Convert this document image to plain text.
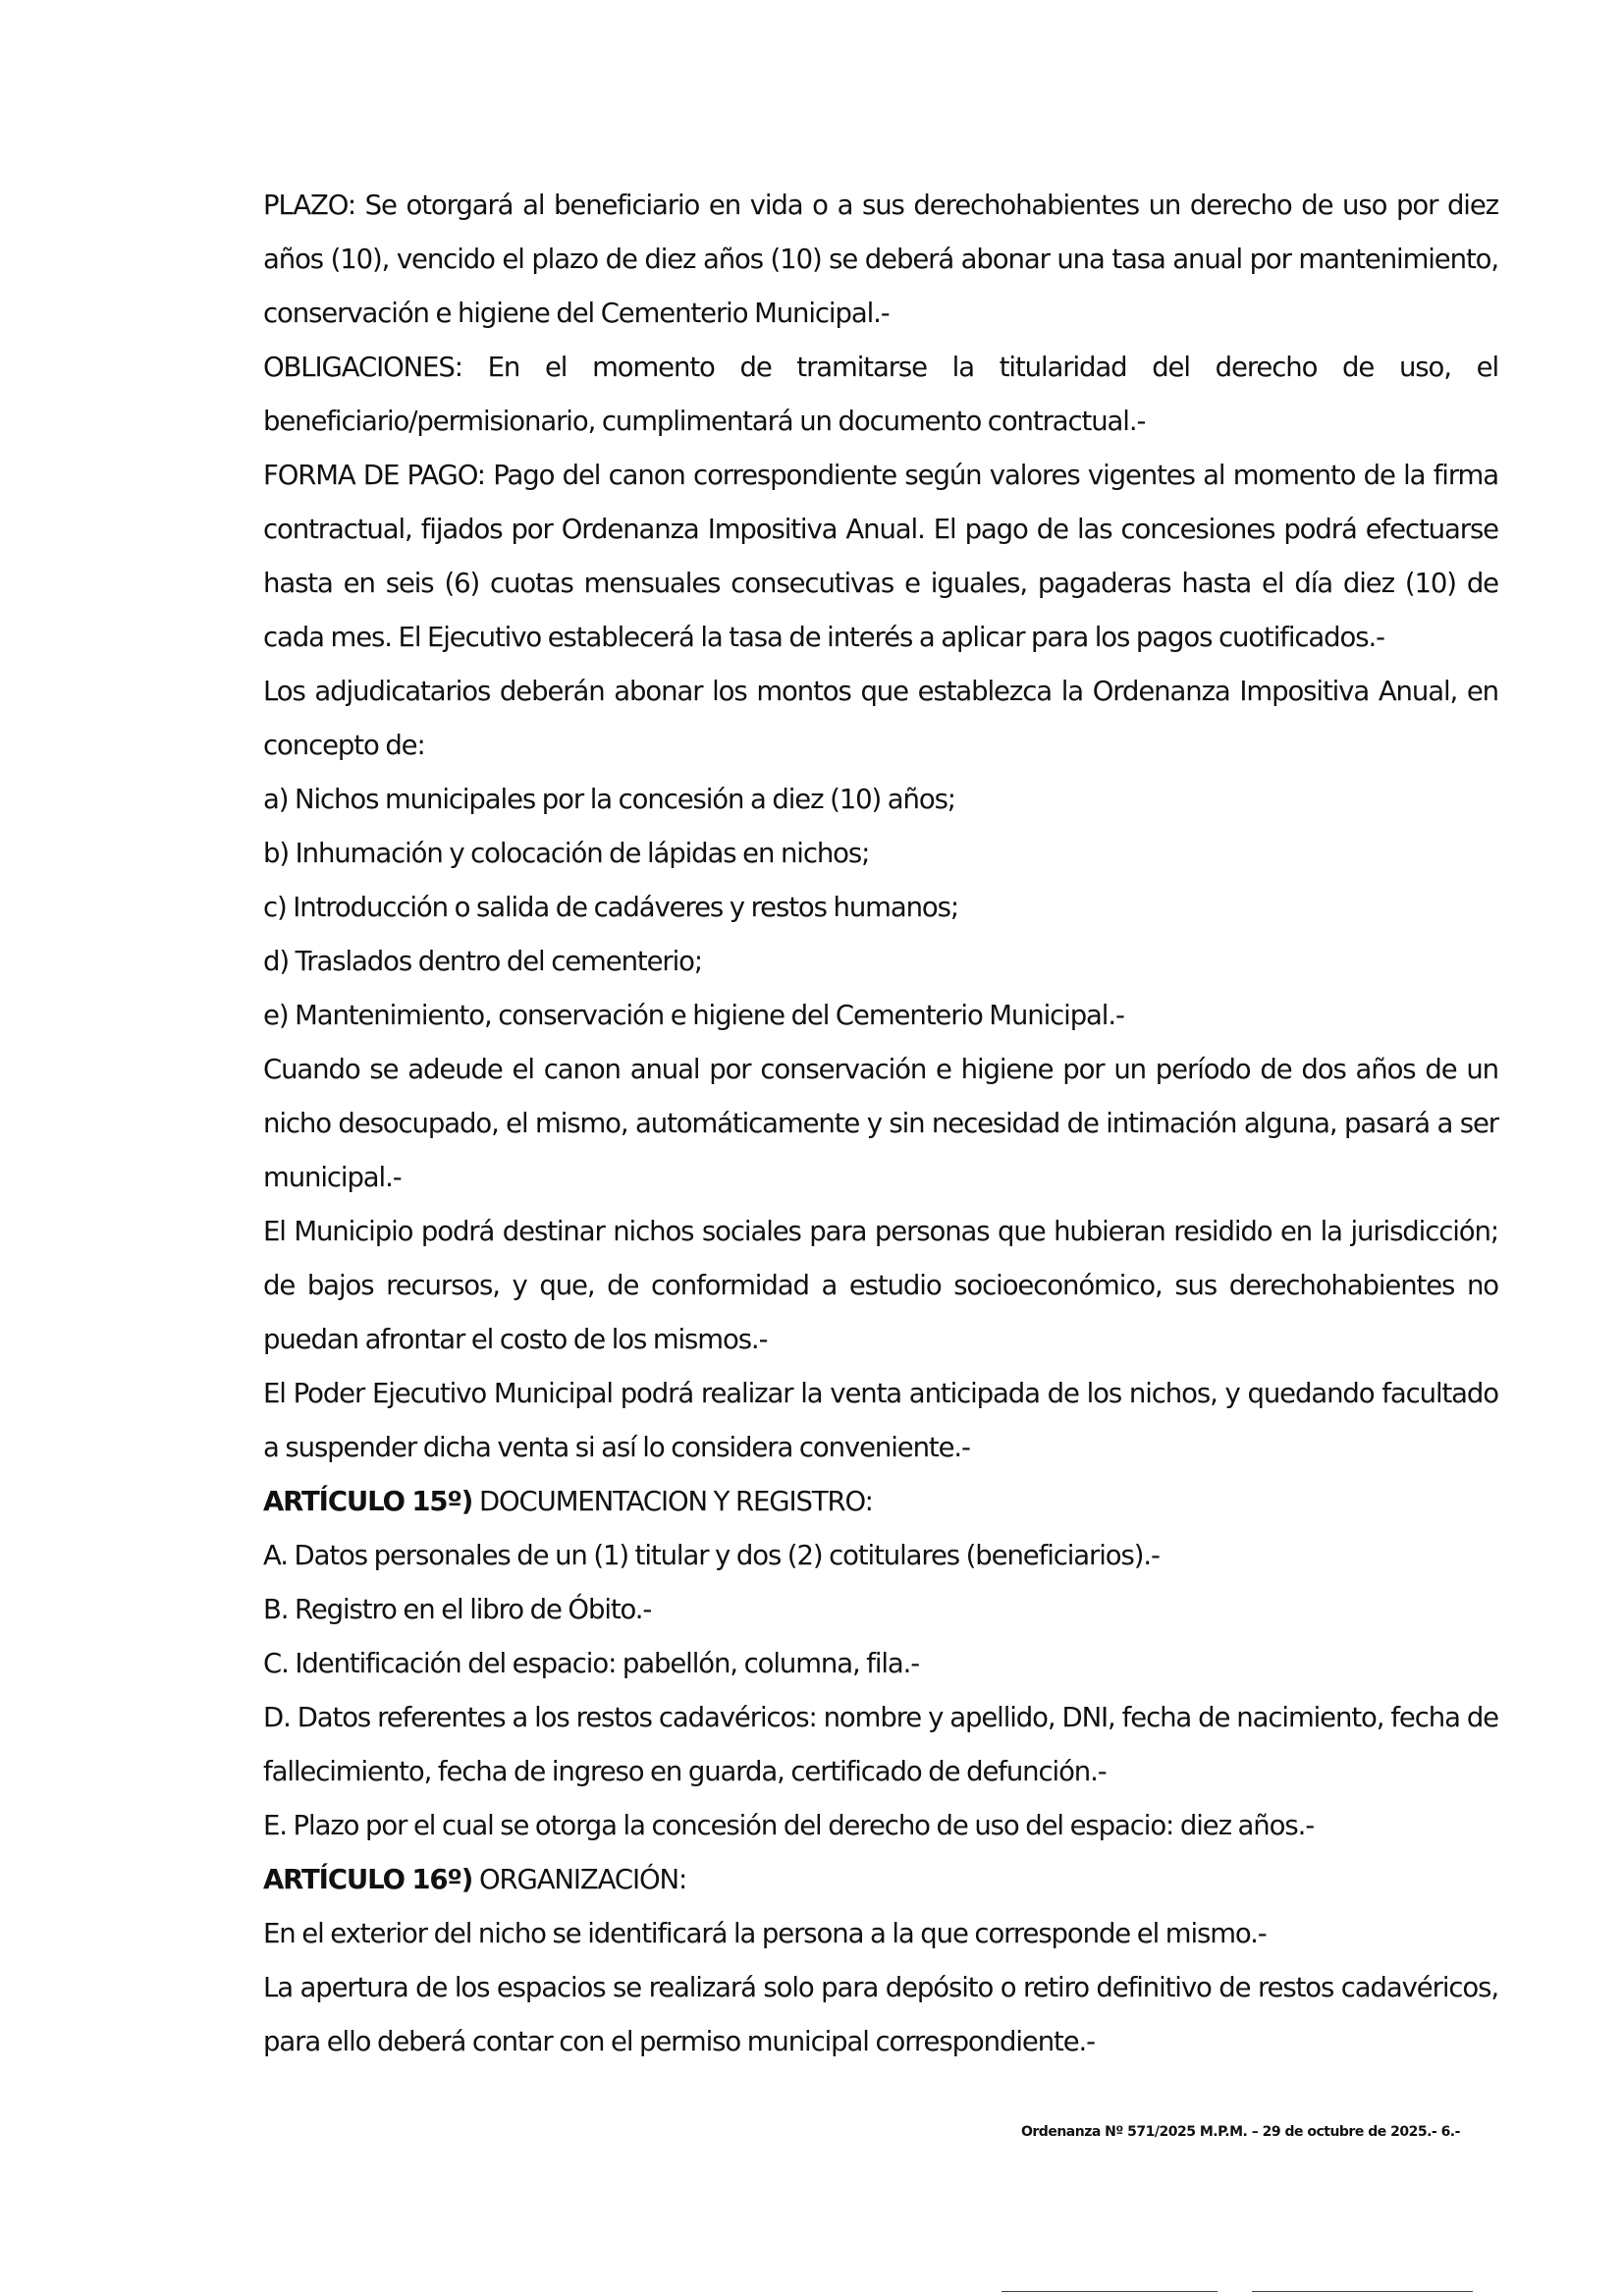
PLAZO: Se otorgará al beneficiario en vida o a sus derechohabientes un derecho de uso por diez años (10), vencido el plazo de diez años (10) se deberá abonar una tasa anual por mantenimiento, conservación e higiene del Cementerio Municipal.-

OBLIGACIONES: En el momento de tramitarse la titularidad del derecho de uso, el beneficiario/permisionario, cumplimentará un documento contractual.-

FORMA DE PAGO: Pago del canon correspondiente según valores vigentes al momento de la firma contractual, fijados por Ordenanza Impositiva Anual. El pago de las concesiones podrá efectuarse hasta en seis (6) cuotas mensuales consecutivas e iguales, pagaderas hasta el día diez (10) de cada mes. El Ejecutivo establecerá la tasa de interés a aplicar para los pagos cuotificados.-

Los adjudicatarios deberán abonar los montos que establezca la Ordenanza Impositiva Anual, en concepto de:

a) Nichos municipales por la concesión a diez (10) años;

b) Inhumación y colocación de lápidas en nichos;

c) Introducción o salida de cadáveres y restos humanos;

d) Traslados dentro del cementerio;

e) Mantenimiento, conservación e higiene del Cementerio Municipal.-

Cuando se adeude el canon anual por conservación e higiene por un período de dos años de un nicho desocupado, el mismo, automáticamente y sin necesidad de intimación alguna, pasará a ser municipal.-

El Municipio podrá destinar nichos sociales para personas que hubieran residido en la jurisdicción; de bajos recursos, y que, de conformidad a estudio socioeconómico, sus derechohabientes no puedan afrontar el costo de los mismos.-

El Poder Ejecutivo Municipal podrá realizar la venta anticipada de los nichos, y quedando facultado a suspender dicha venta si así lo considera conveniente.-

ARTÍCULO 15º) DOCUMENTACION Y REGISTRO:

A. Datos personales de un (1) titular y dos (2) cotitulares (beneficiarios).-

B. Registro en el libro de Óbito.-

C. Identificación del espacio: pabellón, columna, fila.-

D. Datos referentes a los restos cadavéricos: nombre y apellido, DNI, fecha de nacimiento, fecha de fallecimiento, fecha de ingreso en guarda, certificado de defunción.-

E. Plazo por el cual se otorga la concesión del derecho de uso del espacio: diez años.-

ARTÍCULO 16º) ORGANIZACIÓN:

En el exterior del nicho se identificará la persona a la que corresponde el mismo.-

La apertura de los espacios se realizará solo para depósito o retiro definitivo de restos cadavéricos, para ello deberá contar con el permiso municipal correspondiente.-

Ordenanza Nº 571/2025 M.P.M. – 29 de octubre de 2025.- 6.-
